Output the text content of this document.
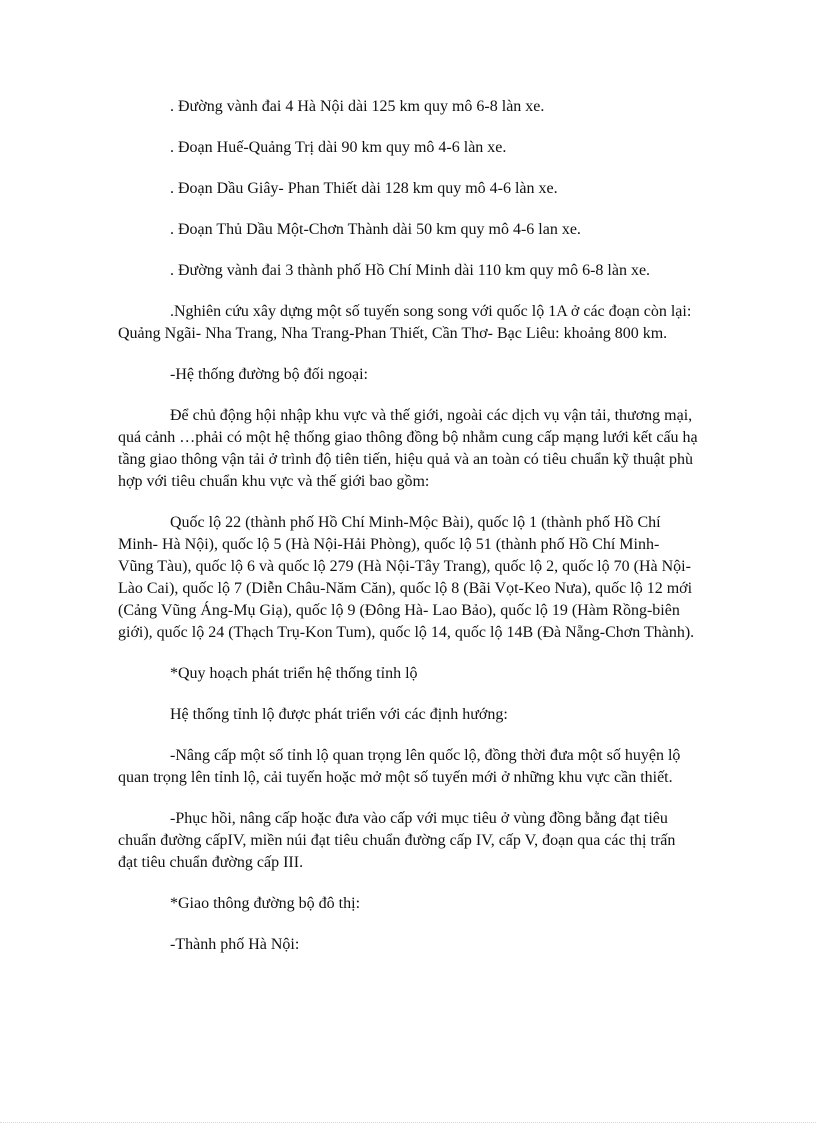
. Đường vành đai 4 Hà Nội dài 125 km quy mô 6-8 làn xe.

. Đoạn Huế-Quảng Trị dài 90 km quy mô 4-6 làn xe.

. Đoạn Dầu Giây- Phan Thiết dài 128 km quy mô 4-6 làn xe.

. Đoạn Thủ Dầu Một-Chơn Thành dài 50 km quy mô 4-6 lan xe.

. Đường vành đai 3 thành phố Hồ Chí Minh dài 110 km quy mô 6-8 làn xe.

.Nghiên cứu xây dựng một số tuyến song song với quốc lộ 1A ở các đoạn còn lại: Quảng Ngãi- Nha Trang, Nha Trang-Phan Thiết, Cần Thơ- Bạc Liêu: khoảng 800 km.

-Hệ thống đường bộ đối ngoại:

Để chủ động hội nhập khu vực và thế giới, ngoài các dịch vụ vận tải, thương mại, quá cảnh …phải có một hệ thống giao thông đồng bộ nhằm cung cấp mạng lưới kết cấu hạ tầng giao thông vận tải ở trình độ tiên tiến, hiệu quả và an toàn có tiêu chuẩn kỹ thuật phù hợp với tiêu chuẩn khu vực và thế giới bao gồm:

Quốc lộ 22 (thành phố Hồ Chí Minh-Mộc Bài), quốc lộ 1 (thành phố Hồ Chí Minh- Hà Nội), quốc lộ 5 (Hà Nội-Hải Phòng), quốc lộ 51 (thành phố Hồ Chí Minh- Vũng Tàu), quốc lộ 6 và quốc lộ 279 (Hà Nội-Tây Trang), quốc lộ 2, quốc lộ 70 (Hà Nội-Lào Cai), quốc lộ 7 (Diễn Châu-Năm Căn), quốc lộ 8 (Bãi Vọt-Keo Nưa), quốc lộ 12 mới (Cảng Vũng Áng-Mụ Giạ), quốc lộ 9 (Đông Hà- Lao Bảo), quốc lộ 19 (Hàm Rồng-biên giới), quốc lộ 24 (Thạch Trụ-Kon Tum), quốc lộ 14, quốc lộ 14B (Đà Nẵng-Chơn Thành).

*Quy hoạch phát triển hệ thống tỉnh lộ

Hệ thống tỉnh lộ được phát triển với các định hướng:

-Nâng cấp một số tỉnh lộ quan trọng lên quốc lộ, đồng thời đưa một số huyện lộ quan trọng lên tỉnh lộ, cải tuyến hoặc mở một số tuyến mới ở những khu vực cần thiết.

-Phục hồi, nâng cấp hoặc đưa vào cấp với mục tiêu ở vùng đồng bằng đạt tiêu chuẩn đường cấpIV, miền núi đạt tiêu chuẩn đường cấp IV, cấp V, đoạn qua các thị trấn đạt tiêu chuẩn đường cấp III.

*Giao thông đường bộ đô thị:

-Thành phố Hà Nội:
